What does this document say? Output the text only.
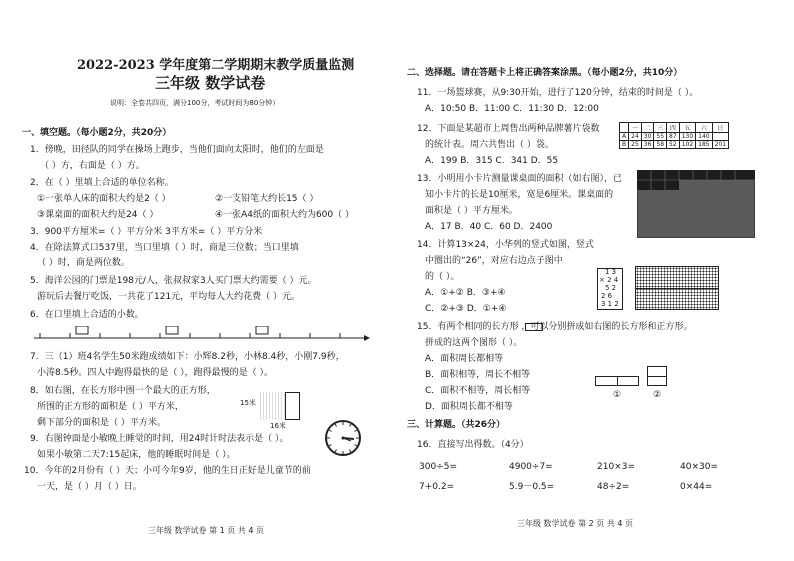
2022-2023 学年度第二学期期末教学质量监测
三年级 数学试卷
说明：全卷共四页，满分100分，考试时间为80分钟）
一、填空题。（每小题2分，共20分）
1．傍晚，田径队的同学在操场上跑步，当他们面向太阳时，他们的左面是
（ ）方，右面是（ ）方。
2．在（ ）里填上合适的单位名称。
①一张单人床的面积大约是2（ ）	②一支铅笔大约长15（ ）
③课桌面的面积大约是24（ ）	④一张A4纸的面积大约为600（ ）
3．900平方厘米=（ ）平方分米 3平方米=（ ）平方分米
4．在除法算式口537里，当口里填（ ）时，商是三位数；当口里填
（ ）时，商是两位数。
5．海洋公园的门票是198元/人，张叔叔家3人买门票大约需要（ ）元。
游玩后去餐厅吃饭，一共花了121元，平均每人大约花费（ ）元。
6．在口里填上合适的小数。
7．三（1）班4名学生50米跑成绩如下：小辉8.2秒，小林8.4秒，小刚7.9秒，
小涛8.5秒。四人中跑得最快的是（ ），跑得最慢的是（ ）。
8．如右图，在长方形中围一个最大的正方形，
所围的正方形的面积是（ ）平方米，
剩下部分的面积是（ ）平方米。
15米
16米
9．右图钟面是小敏晚上睡觉的时间，用24时计时法表示是（ ）。
如果小敏第二天7:15起床，他的睡眠时间是（ ）。
10．今年的2月份有（ ）天；小可今年9岁，他的生日正好是儿童节的前
一天，是（ ）月（ ）日。
三年级 数学试卷 第 1 页 共 4 页
二、选择题。请在答题卡上将正确答案涂黑。（每小题2分，共10分）
11．一场篮球赛，从9:30开始，进行了120分钟，结束的时间是（ ）。
A．10:50 B．11:00 C．11:30 D．12:00
12．下面是某超市上周售出两种品牌薯片袋数
的统计表。周六共售出（ ）袋。
A．199 B．315 C．341 D．55
	一	二	三	四	五	六	日
A	24	30	55	87	130	140	
B	25	36	58	52	102	185	201
13．小明用小卡片测量课桌面的面积（如右图），已
知小卡片的长是10厘米，宽是6厘米。课桌面的
面积是（ ）平方厘米。
A．17 B．40 C．60 D．2400
14．计算13×24，小华列的竖式如图，竖式
中圈出的“26”，对应右边点子图中
的（ ）。
A．①+② B．③+④
C．②+③ D．①+④
1 3
× 2 4
5 2
2 6
3 1 2
15．有两个相同的长方形 ，可以分别拼成如右图的长方形和正方形。
拼成的这两个图形（ ）。
A．面积周长都相等
B．面积相等，周长不相等
C．面积不相等，周长相等
D．面积周长都不相等
①	②
三、计算题。（共26分）
16．直接写出得数。（4分）
300÷5=	4900÷7=	210×3=	40×30=
7+0.2=	5.9－0.5=	48÷2=	0×44=
三年级 数学试卷 第 2 页 共 4 页
